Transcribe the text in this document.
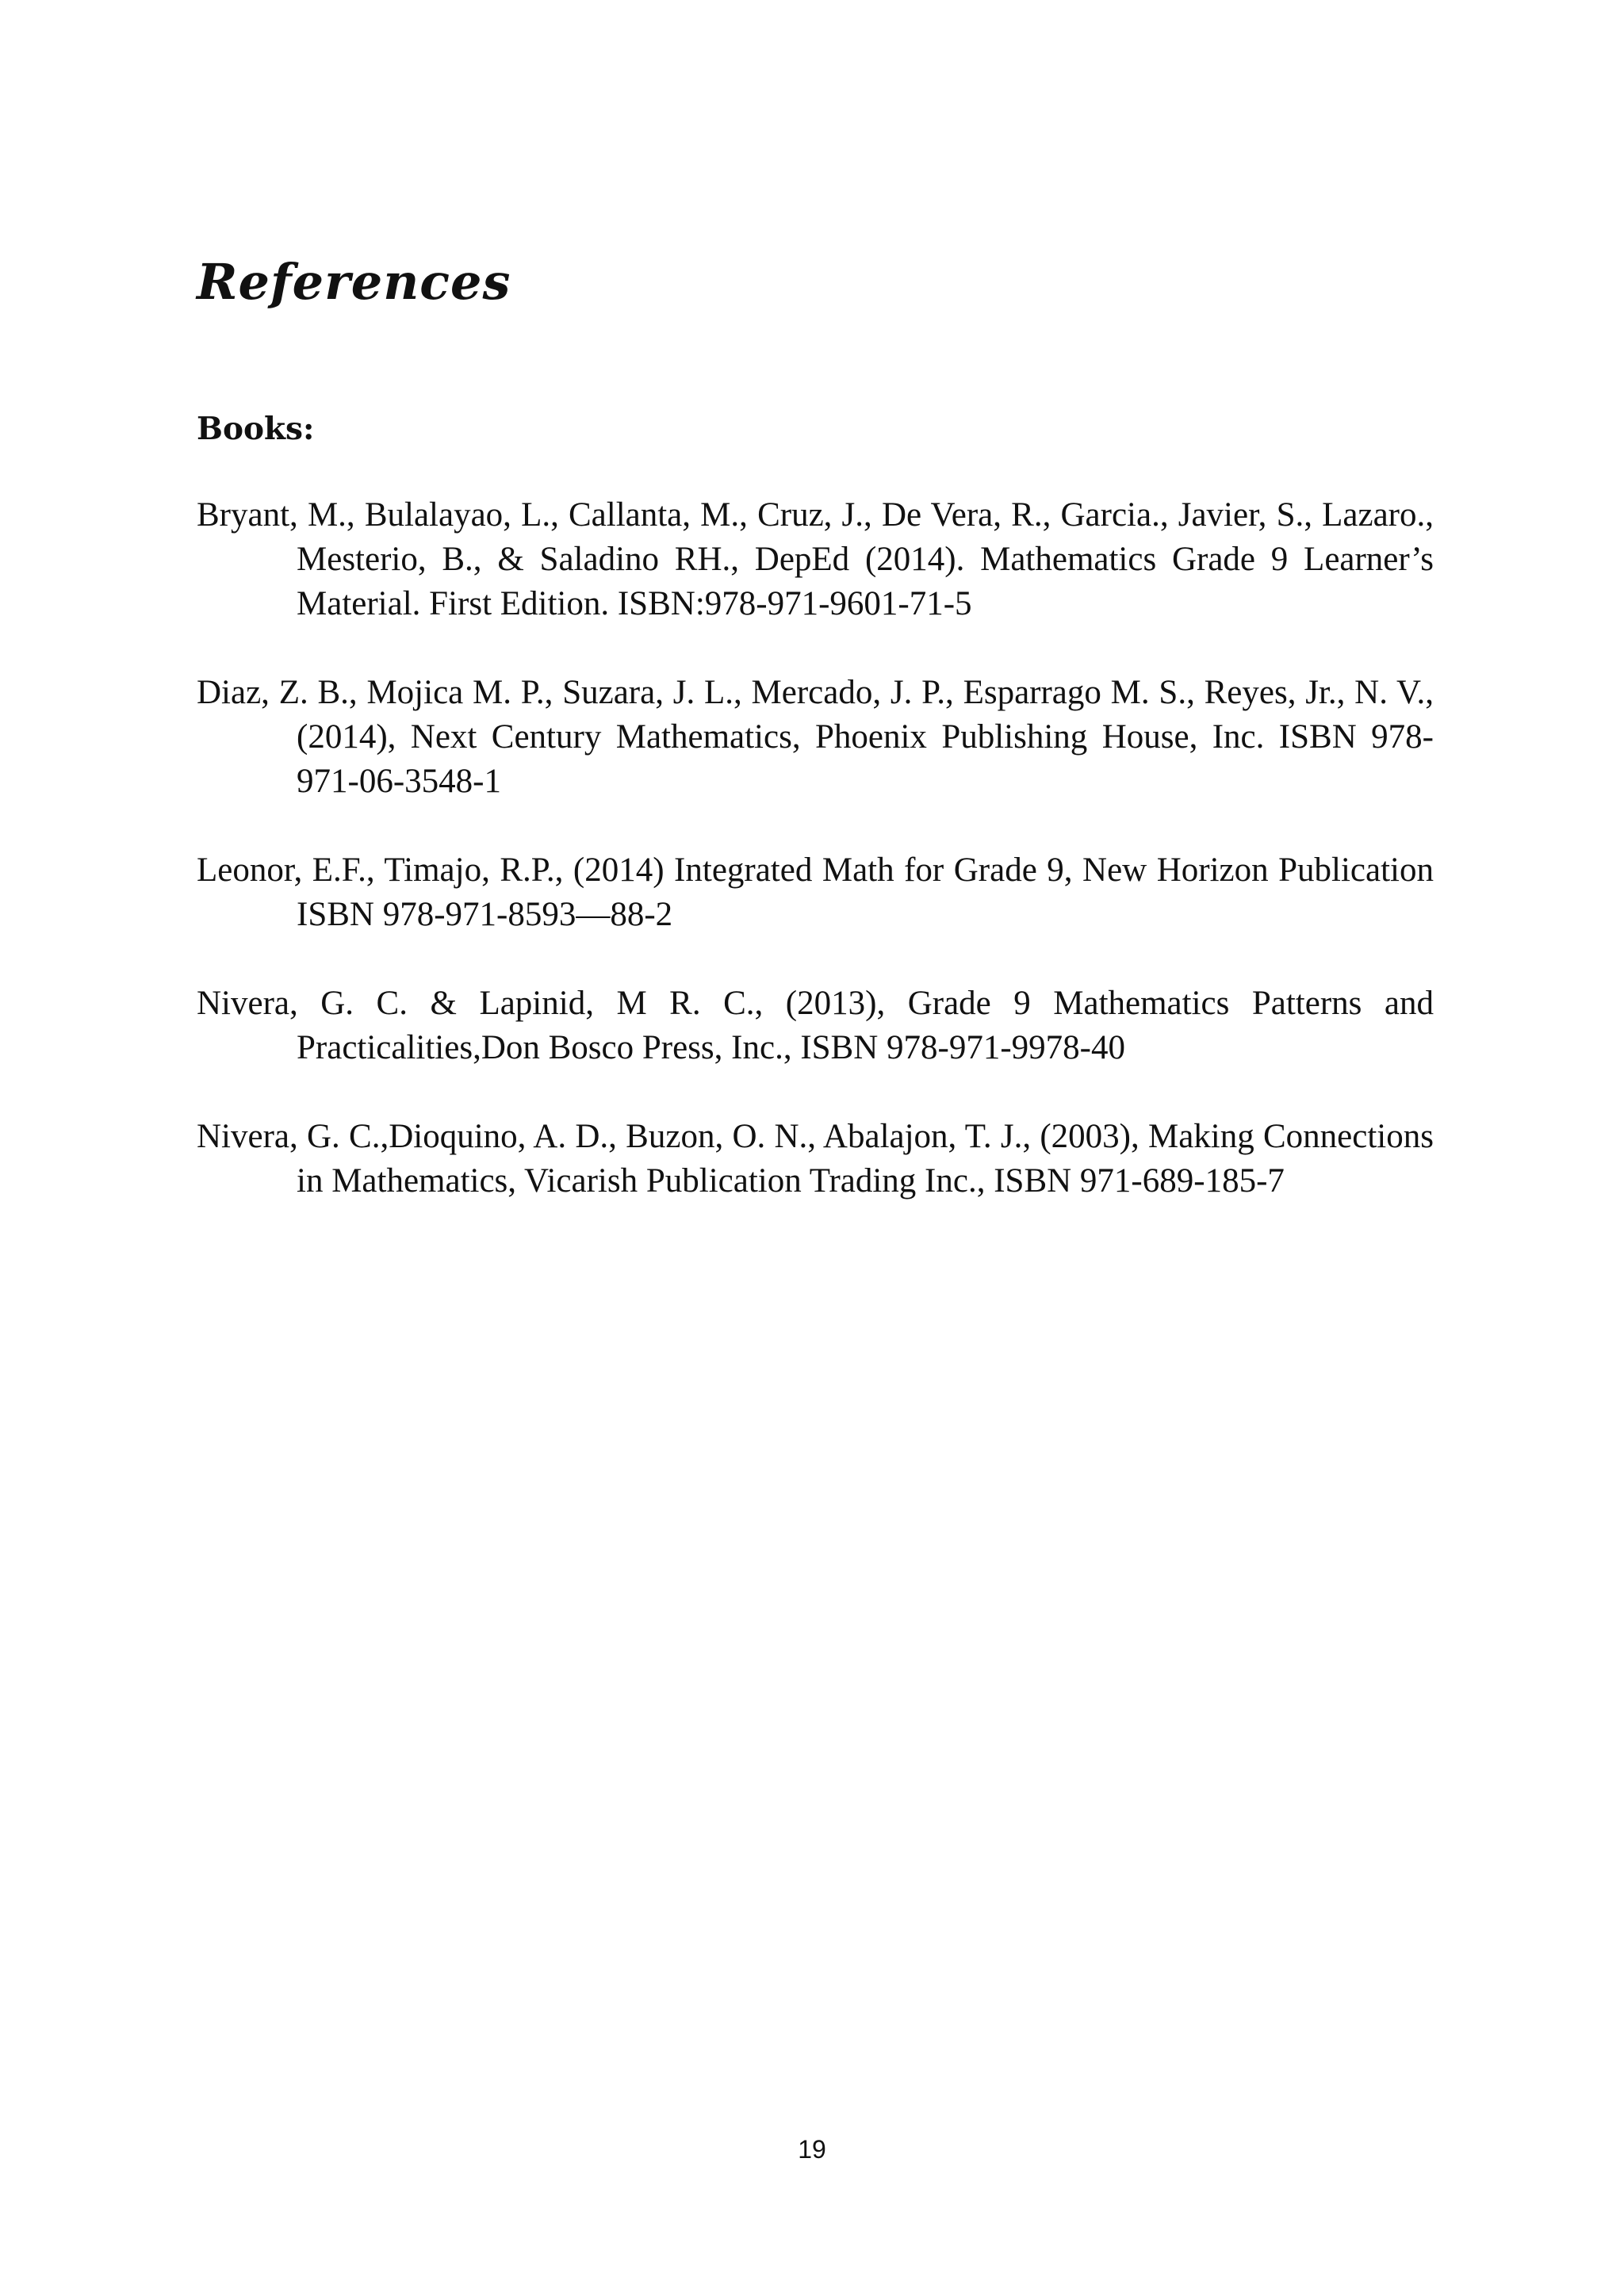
References
Books:
Bryant, M., Bulalayao, L., Callanta, M., Cruz, J., De Vera, R., Garcia., Javier, S., Lazaro., Mesterio, B., & Saladino RH., DepEd (2014). Mathematics Grade 9 Learner’s Material. First Edition. ISBN:978-971-9601-71-5
Diaz, Z. B., Mojica M. P., Suzara, J. L., Mercado, J. P., Esparrago M. S., Reyes, Jr., N. V.,(2014), Next Century Mathematics, Phoenix Publishing House, Inc. ISBN 978-971-06-3548-1
Leonor, E.F., Timajo, R.P., (2014) Integrated Math for Grade 9, New Horizon Publication ISBN 978-971-8593—88-2
Nivera, G. C. & Lapinid, M R. C., (2013), Grade 9 Mathematics Patterns and Practicalities,Don Bosco Press, Inc., ISBN 978-971-9978-40
Nivera, G. C.,Dioquino, A. D., Buzon, O. N., Abalajon, T. J., (2003), Making Connections in Mathematics, Vicarish Publication Trading Inc., ISBN 971-689-185-7
19
